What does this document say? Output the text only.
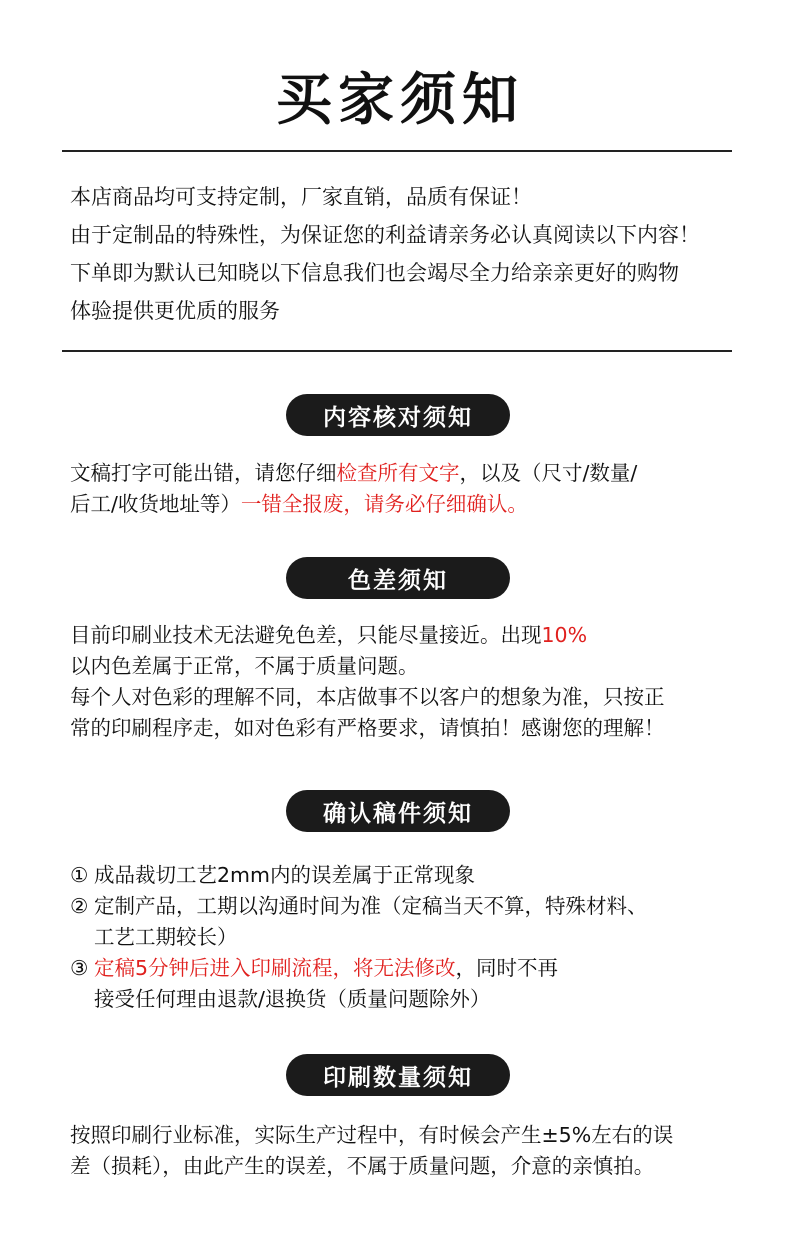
买家须知

本店商品均可支持定制，厂家直销，品质有保证！

由于定制品的特殊性，为保证您的利益请亲务必认真阅读以下内容！

下单即为默认已知晓以下信息我们也会竭尽全力给亲亲更好的购物

体验提供更优质的服务

内容核对须知

文稿打字可能出错，请您仔细检查所有文字，以及（尺寸/数量/

后工/收货地址等）一错全报废，请务必仔细确认。

色差须知

目前印刷业技术无法避免色差，只能尽量接近。出现10%

以内色差属于正常，不属于质量问题。

每个人对色彩的理解不同，本店做事不以客户的想象为准，只按正

常的印刷程序走，如对色彩有严格要求，请慎拍！感谢您的理解！

确认稿件须知
① 成品裁切工艺2mm内的误差属于正常现象

② 定制产品，工期以沟通时间为准（定稿当天不算，特殊材料、

工艺工期较长）

③ 定稿5分钟后进入印刷流程，将无法修改，同时不再

接受任何理由退款/退换货（质量问题除外）

印刷数量须知

按照印刷行业标准，实际生产过程中，有时候会产生±5%左右的误

差（损耗），由此产生的误差，不属于质量问题，介意的亲慎拍。
